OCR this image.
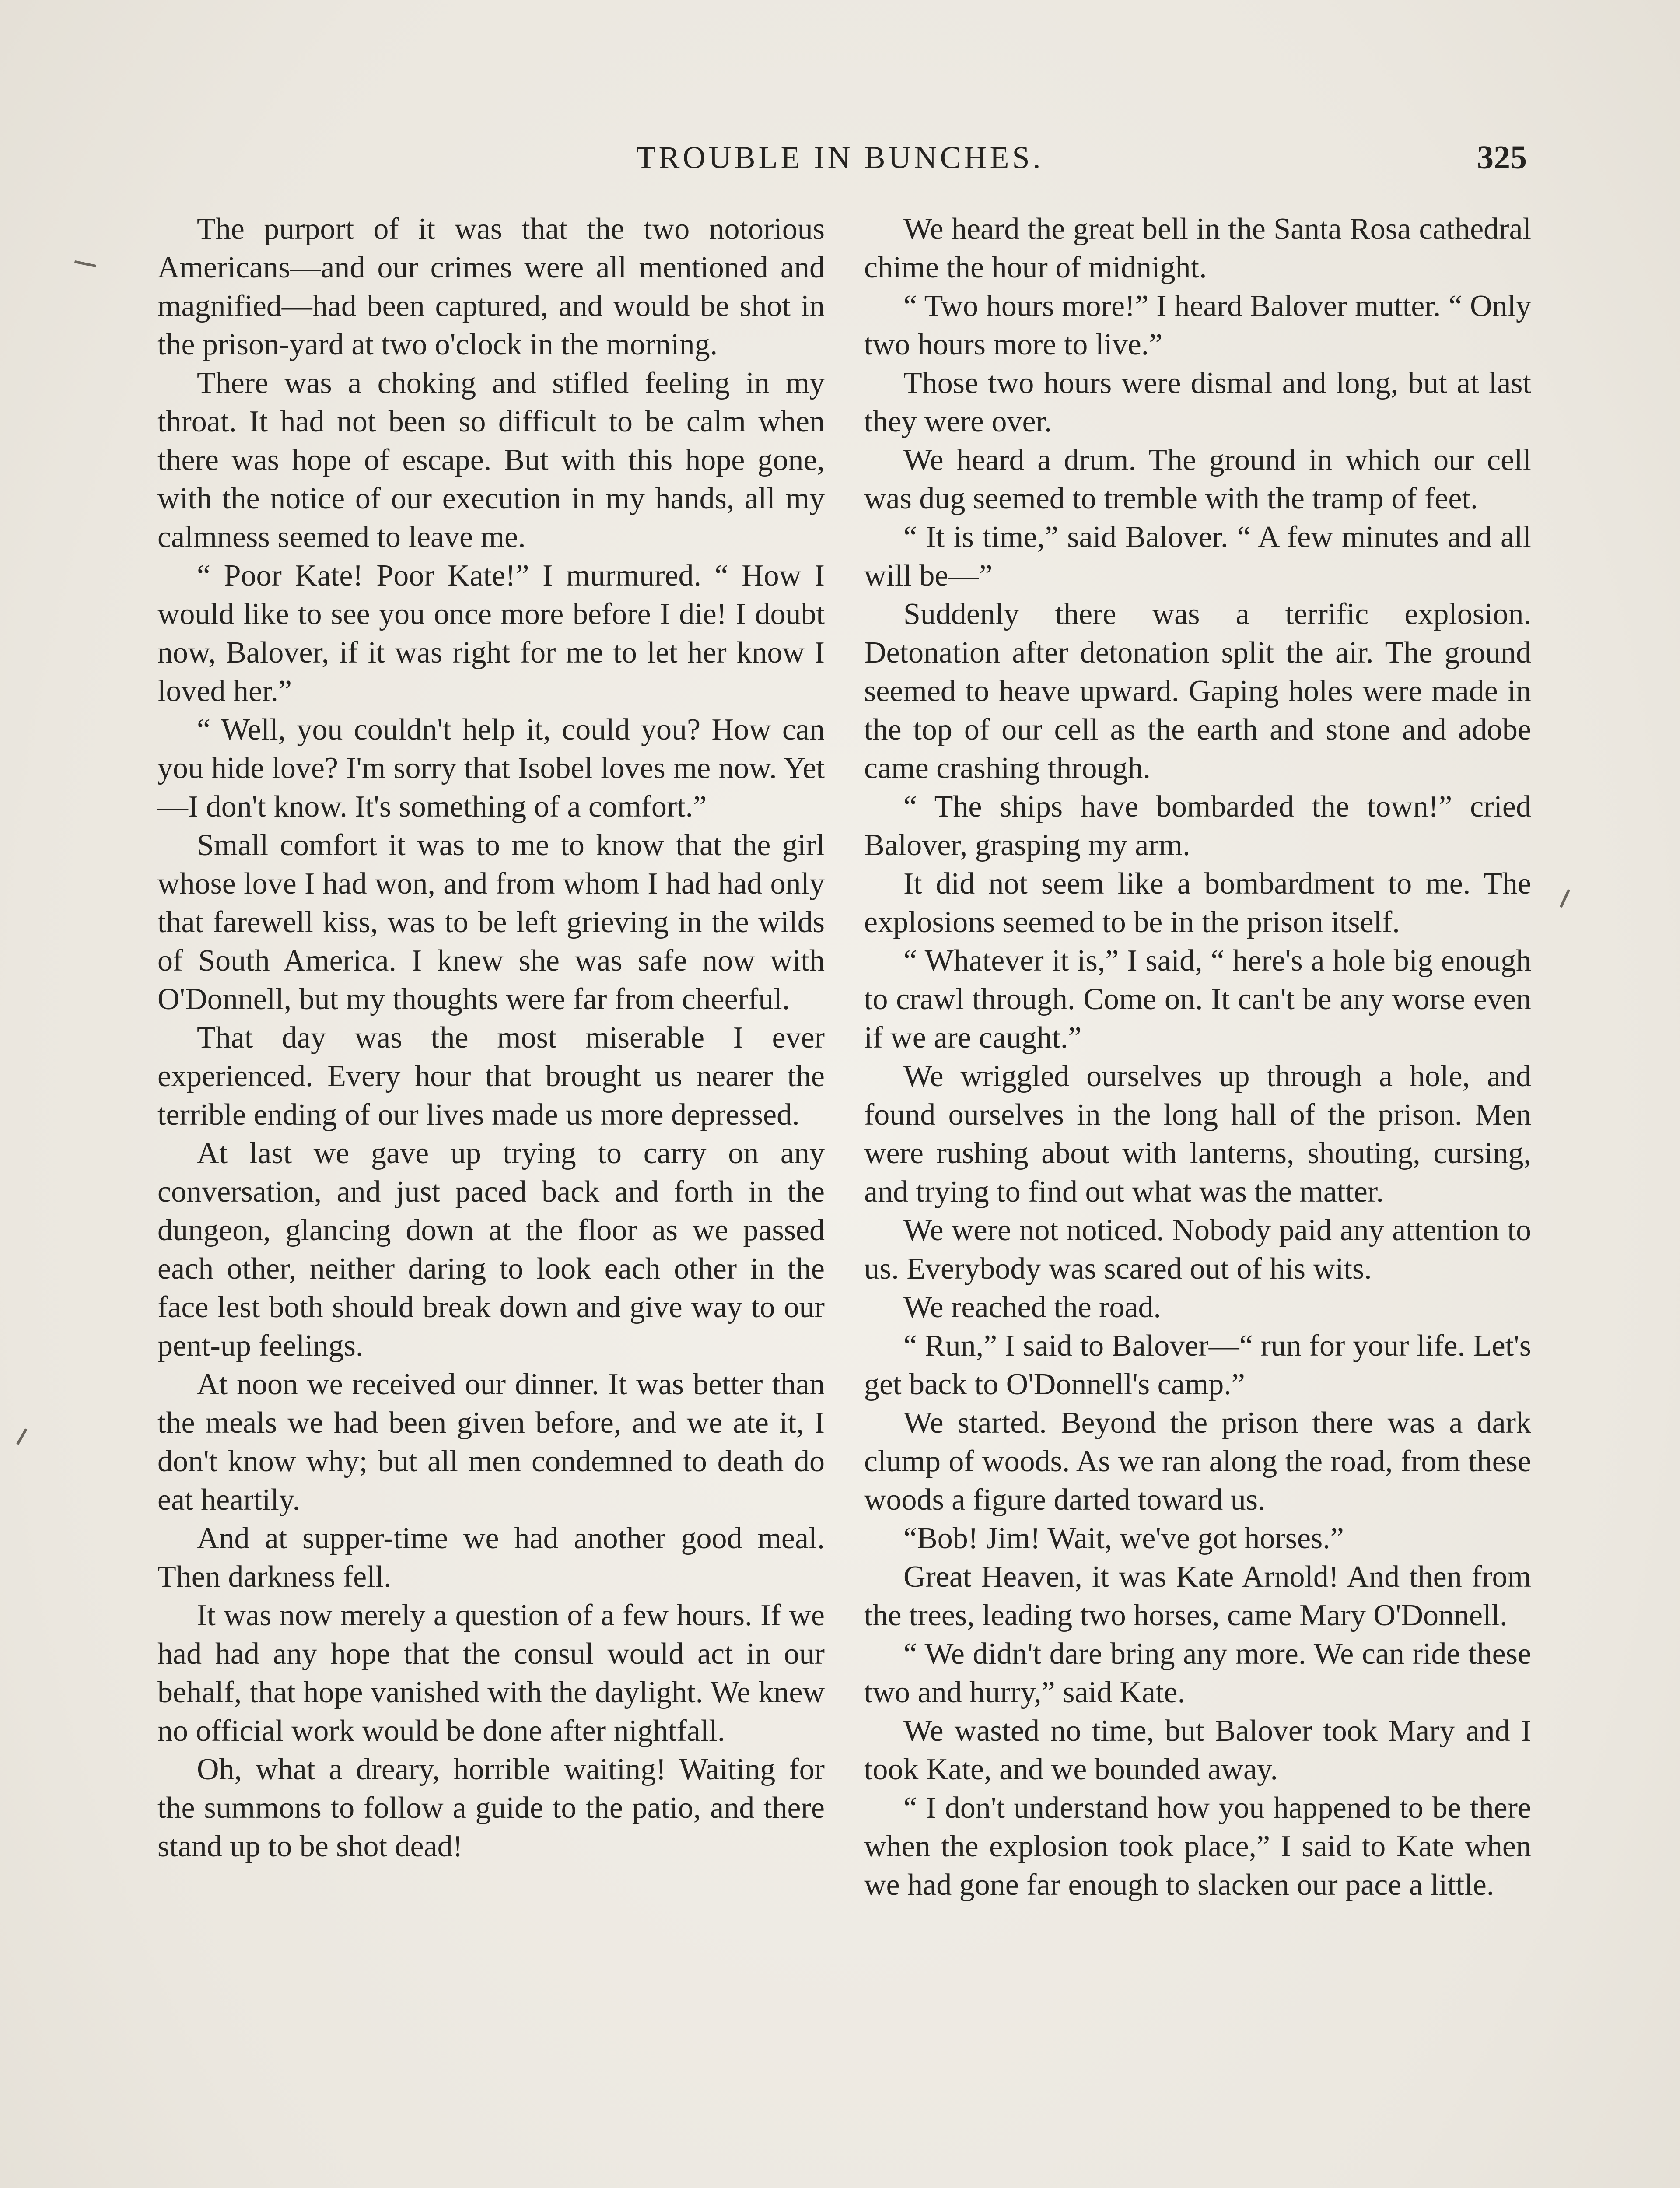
TROUBLE IN BUNCHES.	325

The purport of it was that the two notorious Americans—and our crimes were all mentioned and magnified—had been captured, and would be shot in the prison-yard at two o'clock in the morning.

There was a choking and stifled feeling in my throat. It had not been so difficult to be calm when there was hope of escape. But with this hope gone, with the notice of our execution in my hands, all my calmness seemed to leave me.

“ Poor Kate! Poor Kate!” I murmured. “ How I would like to see you once more before I die! I doubt now, Balover, if it was right for me to let her know I loved her.”

“ Well, you couldn't help it, could you? How can you hide love? I'm sorry that Isobel loves me now. Yet—I don't know. It's something of a comfort.”

Small comfort it was to me to know that the girl whose love I had won, and from whom I had had only that farewell kiss, was to be left grieving in the wilds of South America. I knew she was safe now with O'Donnell, but my thoughts were far from cheerful.

That day was the most miserable I ever experienced. Every hour that brought us nearer the terrible ending of our lives made us more depressed.

At last we gave up trying to carry on any conversation, and just paced back and forth in the dungeon, glancing down at the floor as we passed each other, neither daring to look each other in the face lest both should break down and give way to our pent-up feelings.

At noon we received our dinner. It was better than the meals we had been given before, and we ate it, I don't know why; but all men condemned to death do eat heartily.

And at supper-time we had another good meal. Then darkness fell.

It was now merely a question of a few hours. If we had had any hope that the consul would act in our behalf, that hope vanished with the daylight. We knew no official work would be done after nightfall.

Oh, what a dreary, horrible waiting! Waiting for the summons to follow a guide to the patio, and there stand up to be shot dead!

We heard the great bell in the Santa Rosa cathedral chime the hour of midnight.

“ Two hours more!” I heard Balover mutter. “ Only two hours more to live.”

Those two hours were dismal and long, but at last they were over.

We heard a drum. The ground in which our cell was dug seemed to tremble with the tramp of feet.

“ It is time,” said Balover. “ A few minutes and all will be—”

Suddenly there was a terrific explosion. Detonation after detonation split the air. The ground seemed to heave upward. Gaping holes were made in the top of our cell as the earth and stone and adobe came crashing through.

“ The ships have bombarded the town!” cried Balover, grasping my arm.

It did not seem like a bombardment to me. The explosions seemed to be in the prison itself.

“ Whatever it is,” I said, “ here's a hole big enough to crawl through. Come on. It can't be any worse even if we are caught.”

We wriggled ourselves up through a hole, and found ourselves in the long hall of the prison. Men were rushing about with lanterns, shouting, cursing, and trying to find out what was the matter.

We were not noticed. Nobody paid any attention to us. Everybody was scared out of his wits.

We reached the road.

“ Run,” I said to Balover—“ run for your life. Let's get back to O'Donnell's camp.”

We started. Beyond the prison there was a dark clump of woods. As we ran along the road, from these woods a figure darted toward us.

“Bob! Jim! Wait, we've got horses.”

Great Heaven, it was Kate Arnold! And then from the trees, leading two horses, came Mary O'Donnell.

“ We didn't dare bring any more. We can ride these two and hurry,” said Kate.

We wasted no time, but Balover took Mary and I took Kate, and we bounded away.

“ I don't understand how you happened to be there when the explosion took place,” I said to Kate when we had gone far enough to slacken our pace a little.
